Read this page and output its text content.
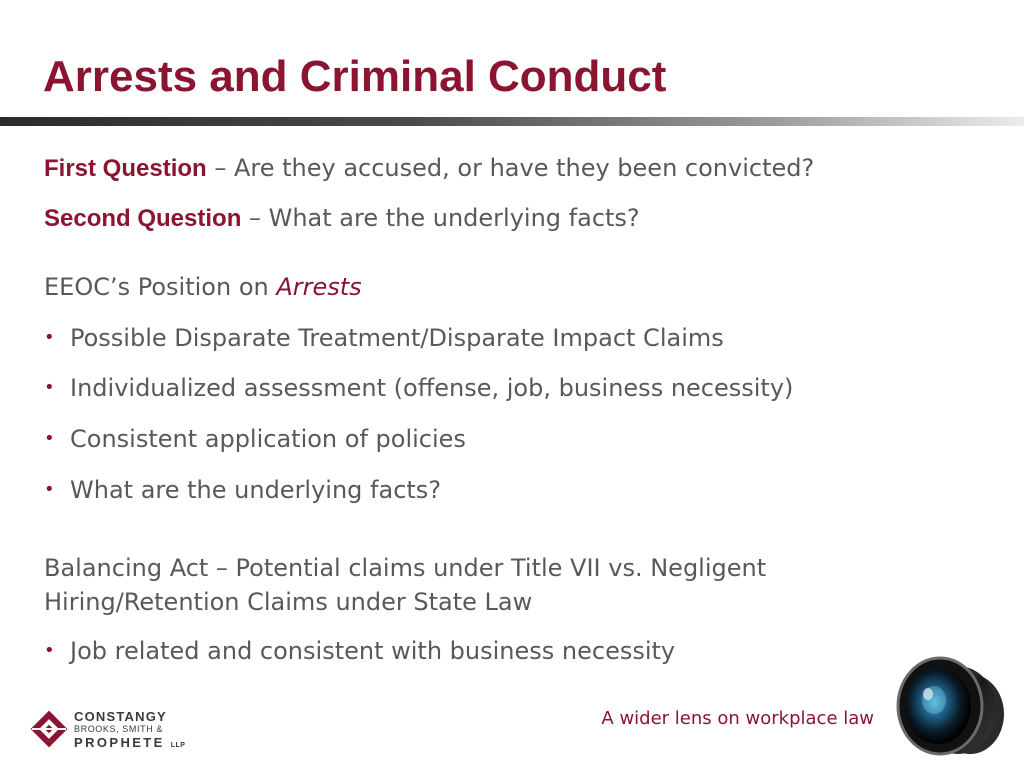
Arrests and Criminal Conduct

First Question – Are they accused, or have they been convicted?

Second Question – What are the underlying facts?

EEOC’s Position on Arrests

• Possible Disparate Treatment/Disparate Impact Claims

• Individualized assessment (offense, job, business necessity)

• Consistent application of policies

• What are the underlying facts?

Balancing Act – Potential claims under Title VII vs. Negligent Hiring/Retention Claims under State Law

• Job related and consistent with business necessity

CONSTANGY
BROOKS, SMITH &
PROPHETE LLP

A wider lens on workplace law
